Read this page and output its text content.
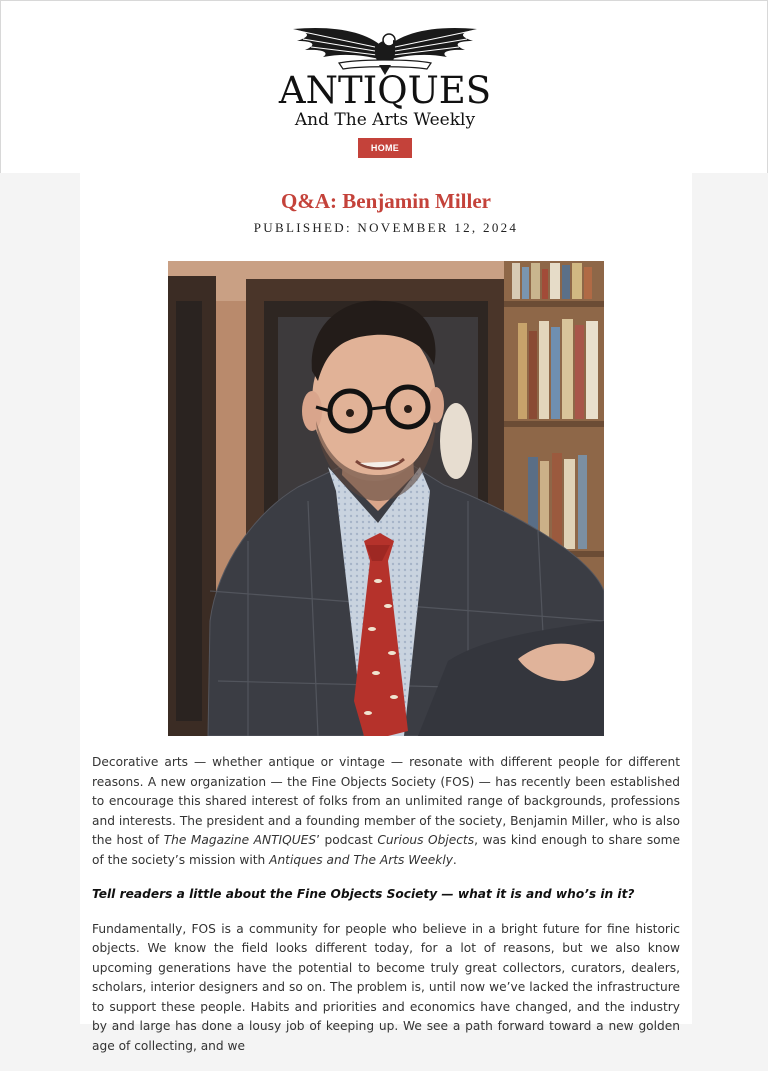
ANTIQUES
And The Arts Weekly
HOME
Q&A: Benjamin Miller
PUBLISHED: NOVEMBER 12, 2024

Decorative arts — whether antique or vintage — resonate with different people for different reasons. A new organization — the Fine Objects Society (FOS) — has recently been established to encourage this shared interest of folks from an unlimited range of backgrounds, professions and interests. The president and a founding member of the society, Benjamin Miller, who is also the host of The Magazine ANTIQUES’ podcast Curious Objects, was kind enough to share some of the society’s mission with Antiques and The Arts Weekly.

Tell readers a little about the Fine Objects Society — what it is and who’s in it?

Fundamentally, FOS is a community for people who believe in a bright future for fine historic objects. We know the field looks different today, for a lot of reasons, but we also know upcoming generations have the potential to become truly great collectors, curators, dealers, scholars, interior designers and so on. The problem is, until now we’ve lacked the infrastructure to support these people. Habits and priorities and economics have changed, and the industry by and large has done a lousy job of keeping up. We see a path forward toward a new golden age of collecting, and we
